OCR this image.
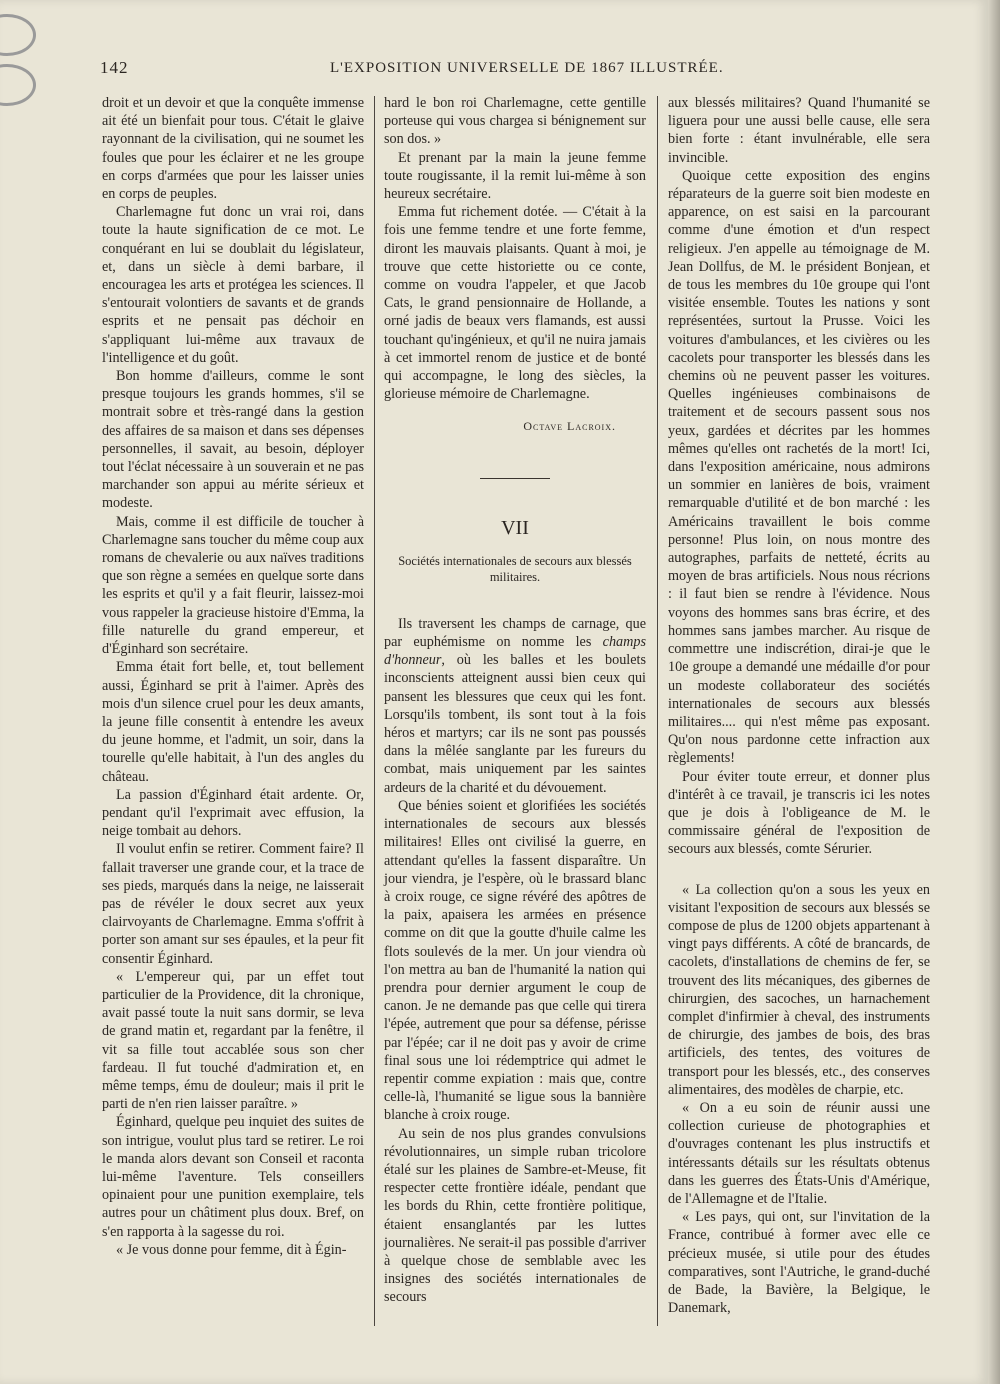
142	L'EXPOSITION UNIVERSELLE DE 1867 ILLUSTRÉE.

droit et un devoir et que la conquête immense ait été un bienfait pour tous. C'était le glaive rayonnant de la civilisation, qui ne soumet les foules que pour les éclairer et ne les groupe en corps d'armées que pour les laisser unies en corps de peuples.

Charlemagne fut donc un vrai roi, dans toute la haute signification de ce mot. Le conquérant en lui se doublait du législateur, et, dans un siècle à demi barbare, il encouragea les arts et protégea les sciences. Il s'entourait volontiers de savants et de grands esprits et ne pensait pas déchoir en s'appliquant lui-même aux travaux de l'intelligence et du goût.

Bon homme d'ailleurs, comme le sont presque toujours les grands hommes, s'il se montrait sobre et très-rangé dans la gestion des affaires de sa maison et dans ses dépenses personnelles, il savait, au besoin, déployer tout l'éclat nécessaire à un souverain et ne pas marchander son appui au mérite sérieux et modeste.

Mais, comme il est difficile de toucher à Charlemagne sans toucher du même coup aux romans de chevalerie ou aux naïves traditions que son règne a semées en quelque sorte dans les esprits et qu'il y a fait fleurir, laissez-moi vous rappeler la gracieuse histoire d'Emma, la fille naturelle du grand empereur, et d'Éginhard son secrétaire.

Emma était fort belle, et, tout bellement aussi, Éginhard se prit à l'aimer. Après des mois d'un silence cruel pour les deux amants, la jeune fille consentit à entendre les aveux du jeune homme, et l'admit, un soir, dans la tourelle qu'elle habitait, à l'un des angles du château.

La passion d'Éginhard était ardente. Or, pendant qu'il l'exprimait avec effusion, la neige tombait au dehors.

Il voulut enfin se retirer. Comment faire? Il fallait traverser une grande cour, et la trace de ses pieds, marqués dans la neige, ne laisserait pas de révéler le doux secret aux yeux clairvoyants de Charlemagne. Emma s'offrit à porter son amant sur ses épaules, et la peur fit consentir Éginhard.

« L'empereur qui, par un effet tout particulier de la Providence, dit la chronique, avait passé toute la nuit sans dormir, se leva de grand matin et, regardant par la fenêtre, il vit sa fille tout accablée sous son cher fardeau. Il fut touché d'admiration et, en même temps, ému de douleur; mais il prit le parti de n'en rien laisser paraître. »

Éginhard, quelque peu inquiet des suites de son intrigue, voulut plus tard se retirer. Le roi le manda alors devant son Conseil et raconta lui-même l'aventure. Tels conseillers opinaient pour une punition exemplaire, tels autres pour un châtiment plus doux. Bref, on s'en rapporta à la sagesse du roi.

« Je vous donne pour femme, dit à Égin-

hard le bon roi Charlemagne, cette gentille porteuse qui vous chargea si bénignement sur son dos. »

Et prenant par la main la jeune femme toute rougissante, il la remit lui-même à son heureux secrétaire.

Emma fut richement dotée. — C'était à la fois une femme tendre et une forte femme, diront les mauvais plaisants. Quant à moi, je trouve que cette historiette ou ce conte, comme on voudra l'appeler, et que Jacob Cats, le grand pensionnaire de Hollande, a orné jadis de beaux vers flamands, est aussi touchant qu'ingénieux, et qu'il ne nuira jamais à cet immortel renom de justice et de bonté qui accompagne, le long des siècles, la glorieuse mémoire de Charlemagne.

Octave Lacroix.
VII
Sociétés internationales de secours aux blessés militaires.

Ils traversent les champs de carnage, que par euphémisme on nomme les champs d'honneur, où les balles et les boulets inconscients atteignent aussi bien ceux qui pansent les blessures que ceux qui les font. Lorsqu'ils tombent, ils sont tout à la fois héros et martyrs; car ils ne sont pas poussés dans la mêlée sanglante par les fureurs du combat, mais uniquement par les saintes ardeurs de la charité et du dévouement.

Que bénies soient et glorifiées les sociétés internationales de secours aux blessés militaires! Elles ont civilisé la guerre, en attendant qu'elles la fassent disparaître. Un jour viendra, je l'espère, où le brassard blanc à croix rouge, ce signe révéré des apôtres de la paix, apaisera les armées en présence comme on dit que la goutte d'huile calme les flots soulevés de la mer. Un jour viendra où l'on mettra au ban de l'humanité la nation qui prendra pour dernier argument le coup de canon. Je ne demande pas que celle qui tirera l'épée, autrement que pour sa défense, périsse par l'épée; car il ne doit pas y avoir de crime final sous une loi rédemptrice qui admet le repentir comme expiation : mais que, contre celle-là, l'humanité se ligue sous la bannière blanche à croix rouge.

Au sein de nos plus grandes convulsions révolutionnaires, un simple ruban tricolore étalé sur les plaines de Sambre-et-Meuse, fit respecter cette frontière idéale, pendant que les bords du Rhin, cette frontière politique, étaient ensanglantés par les luttes journalières. Ne serait-il pas possible d'arriver à quelque chose de semblable avec les insignes des sociétés internationales de secours

aux blessés militaires? Quand l'humanité se liguera pour une aussi belle cause, elle sera bien forte : étant invulnérable, elle sera invincible.

Quoique cette exposition des engins réparateurs de la guerre soit bien modeste en apparence, on est saisi en la parcourant comme d'une émotion et d'un respect religieux. J'en appelle au témoignage de M. Jean Dollfus, de M. le président Bonjean, et de tous les membres du 10e groupe qui l'ont visitée ensemble. Toutes les nations y sont représentées, surtout la Prusse. Voici les voitures d'ambulances, et les civières ou les cacolets pour transporter les blessés dans les chemins où ne peuvent passer les voitures. Quelles ingénieuses combinaisons de traitement et de secours passent sous nos yeux, gardées et décrites par les hommes mêmes qu'elles ont rachetés de la mort! Ici, dans l'exposition américaine, nous admirons un sommier en lanières de bois, vraiment remarquable d'utilité et de bon marché : les Américains travaillent le bois comme personne! Plus loin, on nous montre des autographes, parfaits de netteté, écrits au moyen de bras artificiels. Nous nous récrions : il faut bien se rendre à l'évidence. Nous voyons des hommes sans bras écrire, et des hommes sans jambes marcher. Au risque de commettre une indiscrétion, dirai-je que le 10e groupe a demandé une médaille d'or pour un modeste collaborateur des sociétés internationales de secours aux blessés militaires.... qui n'est même pas exposant. Qu'on nous pardonne cette infraction aux règlements!

Pour éviter toute erreur, et donner plus d'intérêt à ce travail, je transcris ici les notes que je dois à l'obligeance de M. le commissaire général de l'exposition de secours aux blessés, comte Sérurier.

« La collection qu'on a sous les yeux en visitant l'exposition de secours aux blessés se compose de plus de 1200 objets appartenant à vingt pays différents. A côté de brancards, de cacolets, d'installations de chemins de fer, se trouvent des lits mécaniques, des gibernes de chirurgien, des sacoches, un harnachement complet d'infirmier à cheval, des instruments de chirurgie, des jambes de bois, des bras artificiels, des tentes, des voitures de transport pour les blessés, etc., des conserves alimentaires, des modèles de charpie, etc.

« On a eu soin de réunir aussi une collection curieuse de photographies et d'ouvrages contenant les plus instructifs et intéressants détails sur les résultats obtenus dans les guerres des États-Unis d'Amérique, de l'Allemagne et de l'Italie.

« Les pays, qui ont, sur l'invitation de la France, contribué à former avec elle ce précieux musée, si utile pour des études comparatives, sont l'Autriche, le grand-duché de Bade, la Bavière, la Belgique, le Danemark,
